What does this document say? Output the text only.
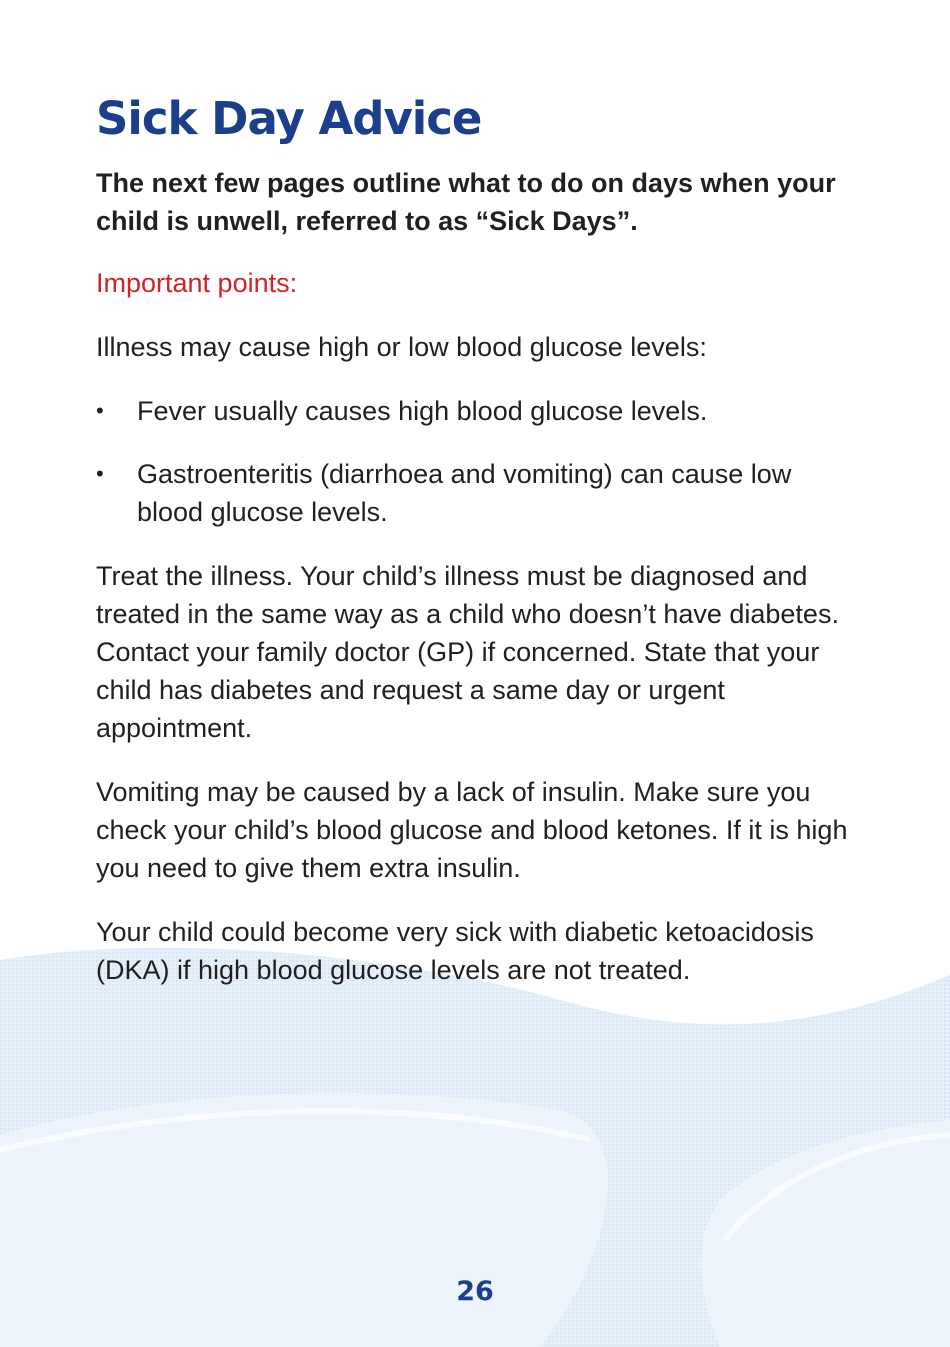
Sick Day Advice

The next few pages outline what to do on days when your child is unwell, referred to as “Sick Days”.

Important points:

Illness may cause high or low blood glucose levels:

• Fever usually causes high blood glucose levels.
• Gastroenteritis (diarrhoea and vomiting) can cause low blood glucose levels.

Treat the illness. Your child’s illness must be diagnosed and treated in the same way as a child who doesn’t have diabetes. Contact your family doctor (GP) if concerned. State that your child has diabetes and request a same day or urgent appointment.

Vomiting may be caused by a lack of insulin. Make sure you check your child’s blood glucose and blood ketones. If it is high you need to give them extra insulin.

Your child could become very sick with diabetic ketoacidosis (DKA) if high blood glucose levels are not treated.

26
